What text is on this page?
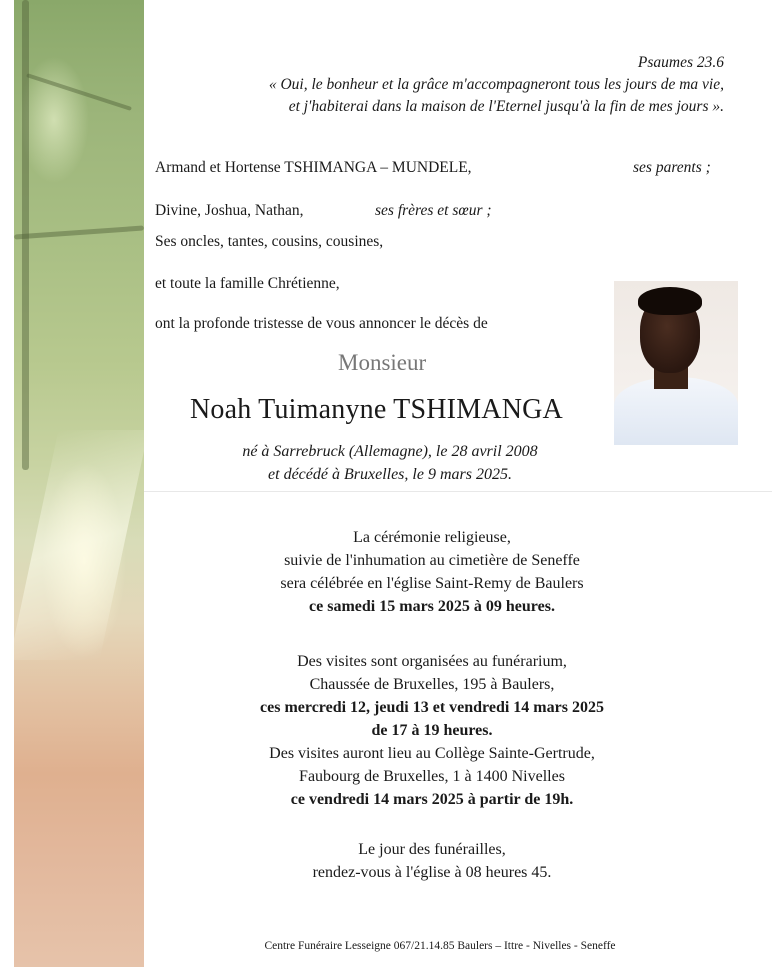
Psaumes 23.6
« Oui, le bonheur et la grâce m'accompagneront tous les jours de ma vie,
et j'habiterai dans la maison de l'Eternel jusqu'à la fin de mes jours ».
Armand et Hortense TSHIMANGA – MUNDELE,	ses parents ;
Divine, Joshua, Nathan,	ses frères et sœur ;
Ses oncles, tantes, cousins, cousines,
et toute la famille Chrétienne,
ont la profonde tristesse de vous annoncer le décès de
Monsieur
Noah Tuimanyne TSHIMANGA
né à Sarrebruck (Allemagne), le 28 avril 2008
et décédé à Bruxelles, le 9 mars 2025.
La cérémonie religieuse,
suivie de l'inhumation au cimetière de Seneffe
sera célébrée en l'église Saint-Remy de Baulers
ce samedi 15 mars 2025 à 09 heures.
Des visites sont organisées au funérarium,
Chaussée de Bruxelles, 195 à Baulers,
ces mercredi 12, jeudi 13 et vendredi 14 mars 2025
de 17 à 19 heures.
Des visites auront lieu au Collège Sainte-Gertrude,
Faubourg de Bruxelles, 1 à 1400 Nivelles
ce vendredi 14 mars 2025 à partir de 19h.
Le jour des funérailles,
rendez-vous à l'église à 08 heures 45.
Centre Funéraire Lesseigne 067/21.14.85 Baulers – Ittre - Nivelles - Seneffe
